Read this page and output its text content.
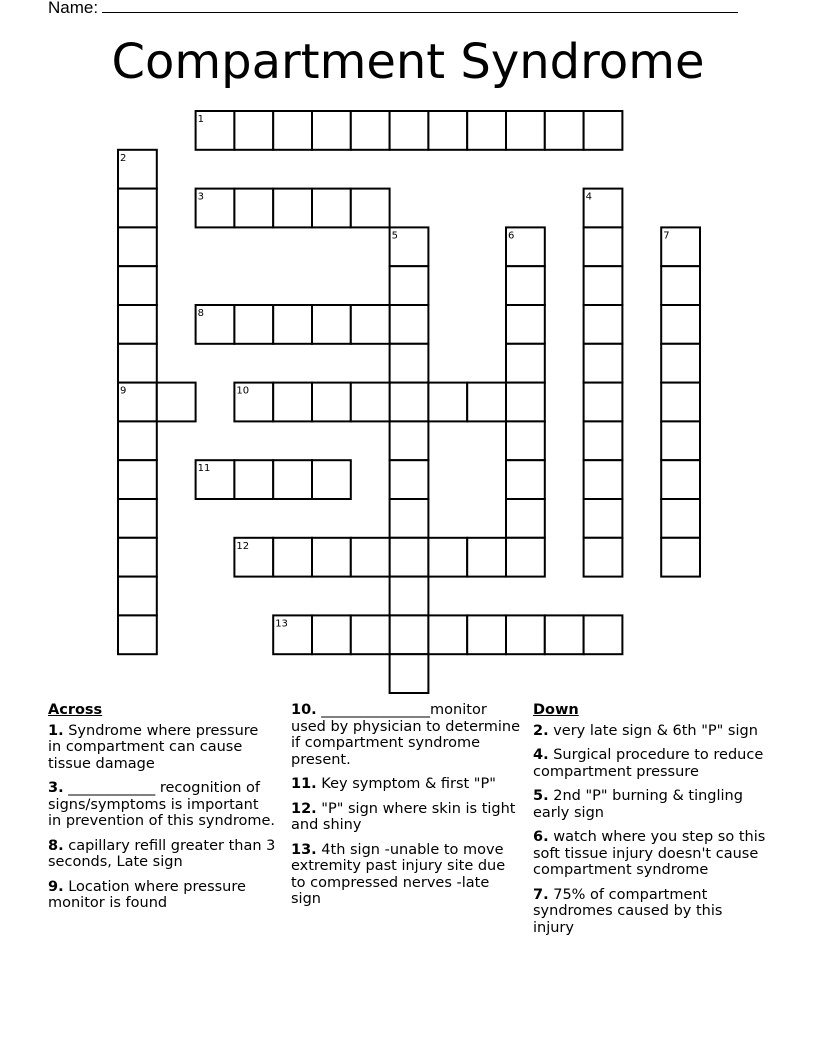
Name:
Compartment Syndrome
1
2
3	4
5	6	7
8
9	10
11
12
13
Across
1. Syndrome where pressure in compartment can cause tissue damage
3. ____________ recognition of signs/symptoms is important in prevention of this syndrome.
8. capillary refill greater than 3 seconds, Late sign
9. Location where pressure monitor is found
10. _______________monitor used by physician to determine if compartment syndrome present.
11. Key symptom & first "P"
12. "P" sign where skin is tight and shiny
13. 4th sign -unable to move extremity past injury site due to compressed nerves -late sign
Down
2. very late sign & 6th "P" sign
4. Surgical procedure to reduce compartment pressure
5. 2nd "P" burning & tingling early sign
6. watch where you step so this soft tissue injury doesn't cause compartment syndrome
7. 75% of compartment syndromes caused by this injury
